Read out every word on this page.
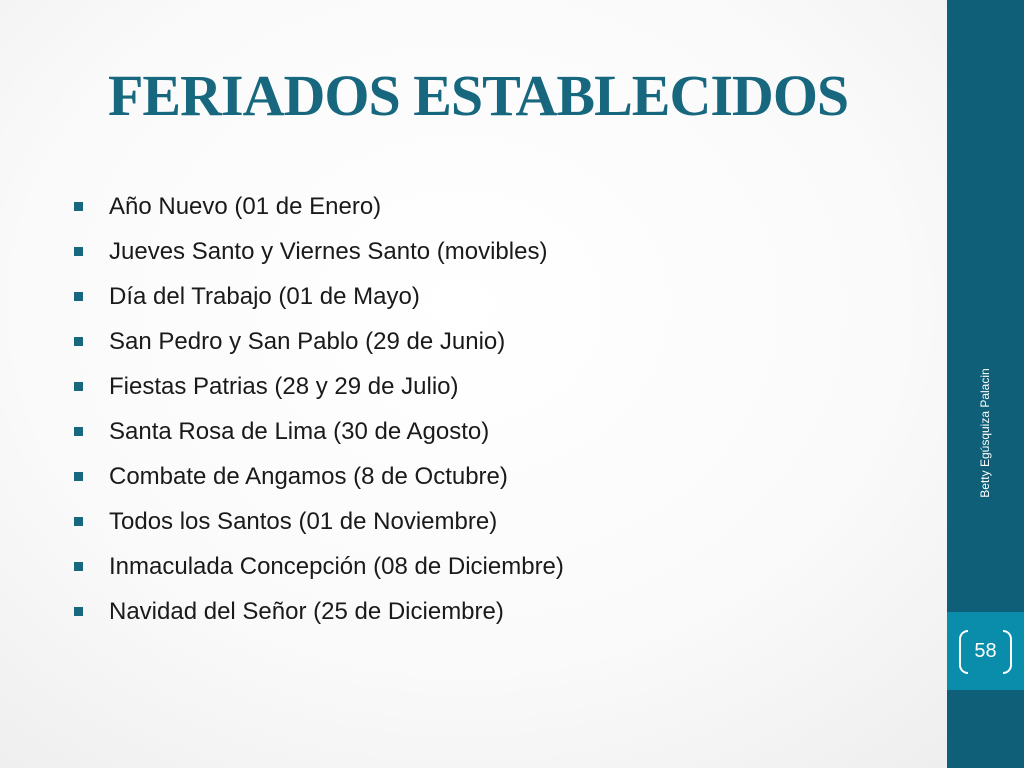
FERIADOS ESTABLECIDOS
Año Nuevo (01 de Enero)
Jueves Santo y Viernes Santo (movibles)
Día del Trabajo (01 de Mayo)
San Pedro y San Pablo (29 de Junio)
Fiestas Patrias (28 y 29 de Julio)
Santa Rosa de Lima (30 de Agosto)
Combate de Angamos (8 de Octubre)
Todos los Santos (01 de Noviembre)
Inmaculada Concepción (08 de Diciembre)
Navidad del Señor (25 de Diciembre)
Betty Egúsquiza Palacin
58
